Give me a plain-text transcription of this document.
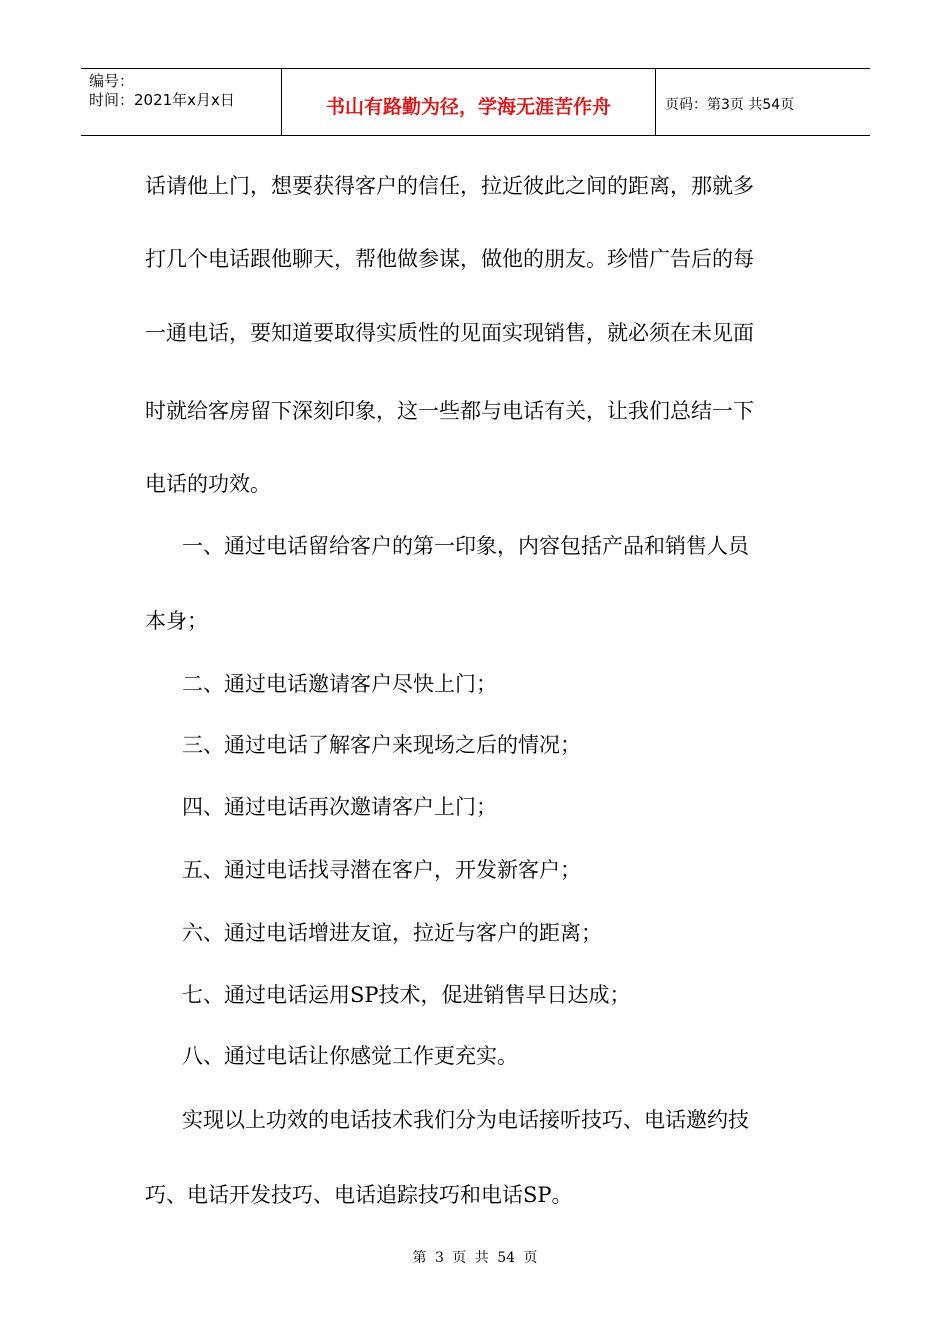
编号：
时间：2021年x月x日	书山有路勤为径，学海无涯苦作舟	页码：第3页 共54页
话请他上门，想要获得客户的信任，拉近彼此之间的距离，那就多
打几个电话跟他聊天，帮他做参谋，做他的朋友。珍惜广告后的每
一通电话，要知道要取得实质性的见面实现销售，就必须在未见面
时就给客房留下深刻印象，这一些都与电话有关，让我们总结一下
电话的功效。
一、通过电话留给客户的第一印象，内容包括产品和销售人员
本身；
二、通过电话邀请客户尽快上门；
三、通过电话了解客户来现场之后的情况；
四、通过电话再次邀请客户上门；
五、通过电话找寻潜在客户，开发新客户；
六、通过电话增进友谊，拉近与客户的距离；
七、通过电话运用SP技术，促进销售早日达成；
八、通过电话让你感觉工作更充实。
实现以上功效的电话技术我们分为电话接听技巧、电话邀约技
巧、电话开发技巧、电话追踪技巧和电话SP。
第 3 页 共 54 页
